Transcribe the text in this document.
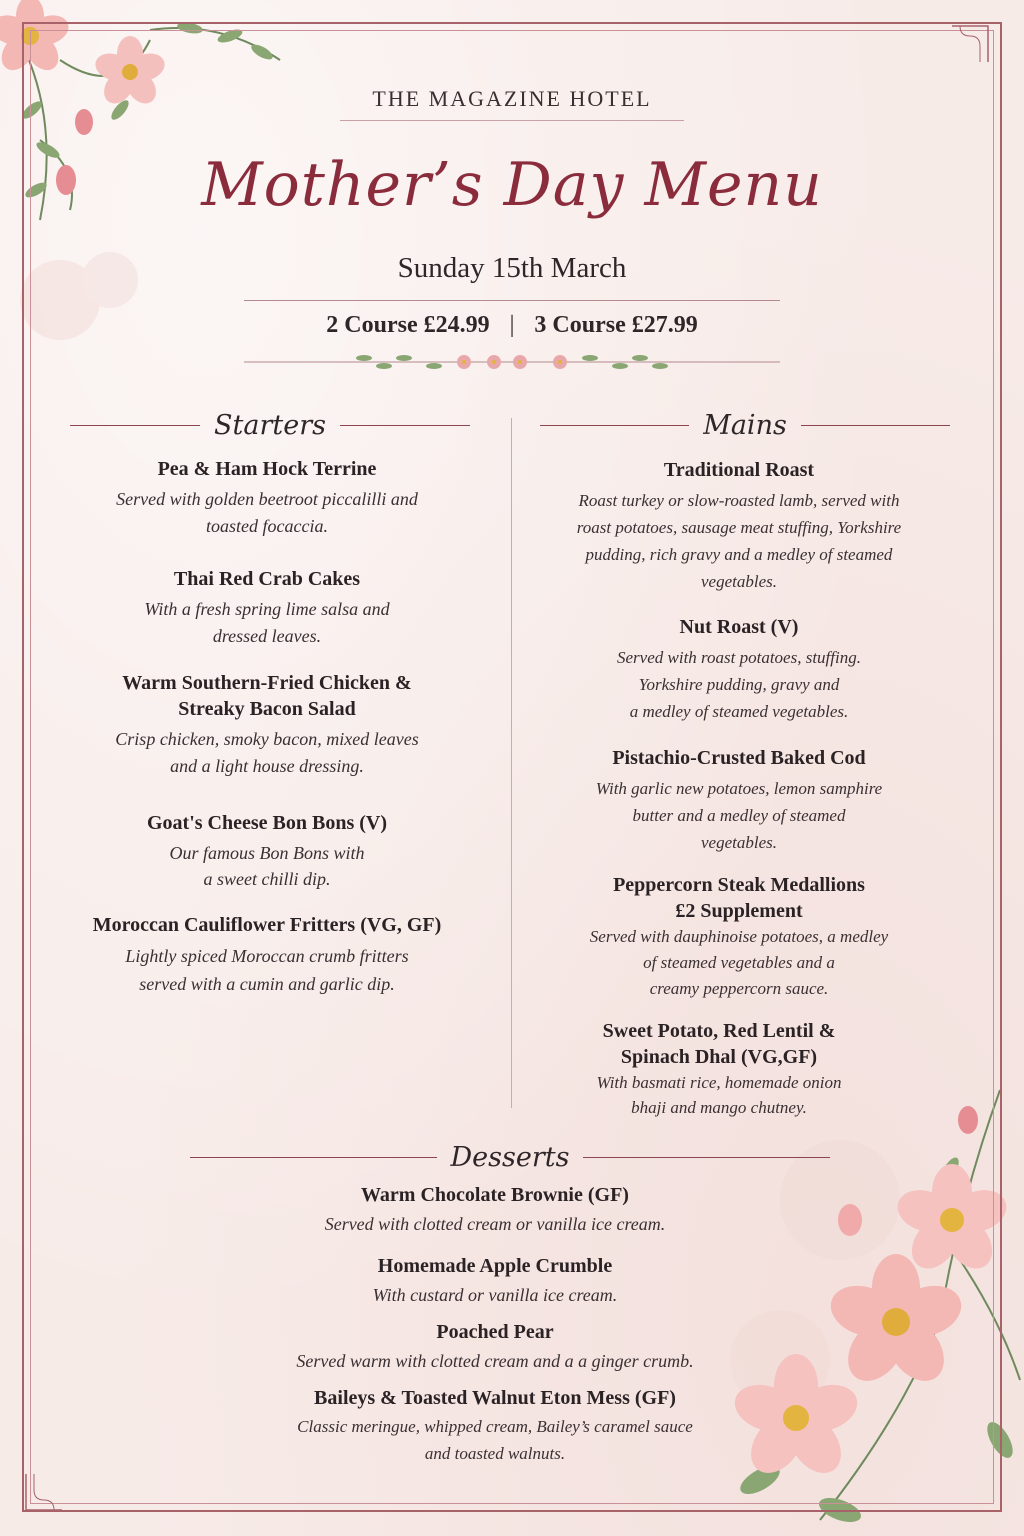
THE MAGAZINE HOTEL
Mother’s Day Menu
Sunday 15th March
2 Course £24.99 | 3 Course £27.99
Starters	Mains
Pea & Ham Hock Terrine
Served with golden beetroot piccalilli and
toasted focaccia.
Thai Red Crab Cakes
With a fresh spring lime salsa and
dressed leaves.
Warm Southern-Fried Chicken &
Streaky Bacon Salad
Crisp chicken, smoky bacon, mixed leaves
and a light house dressing.
Goat's Cheese Bon Bons (V)
Our famous Bon Bons with
a sweet chilli dip.
Moroccan Cauliflower Fritters (VG, GF)
Lightly spiced Moroccan crumb fritters
served with a cumin and garlic dip.
Traditional Roast
Roast turkey or slow-roasted lamb, served with
roast potatoes, sausage meat stuffing, Yorkshire
pudding, rich gravy and a medley of steamed
vegetables.
Nut Roast (V)
Served with roast potatoes, stuffing.
Yorkshire pudding, gravy and
a medley of steamed vegetables.
Pistachio-Crusted Baked Cod
With garlic new potatoes, lemon samphire
butter and a medley of steamed
vegetables.
Peppercorn Steak Medallions
£2 Supplement
Served with dauphinoise potatoes, a medley
of steamed vegetables and a
creamy peppercorn sauce.
Sweet Potato, Red Lentil &
Spinach Dhal (VG,GF)
With basmati rice, homemade onion
bhaji and mango chutney.
Desserts
Warm Chocolate Brownie (GF)
Served with clotted cream or vanilla ice cream.
Homemade Apple Crumble
With custard or vanilla ice cream.
Poached Pear
Served warm with clotted cream and a a ginger crumb.
Baileys & Toasted Walnut Eton Mess (GF)
Classic meringue, whipped cream, Bailey’s caramel sauce
and toasted walnuts.
